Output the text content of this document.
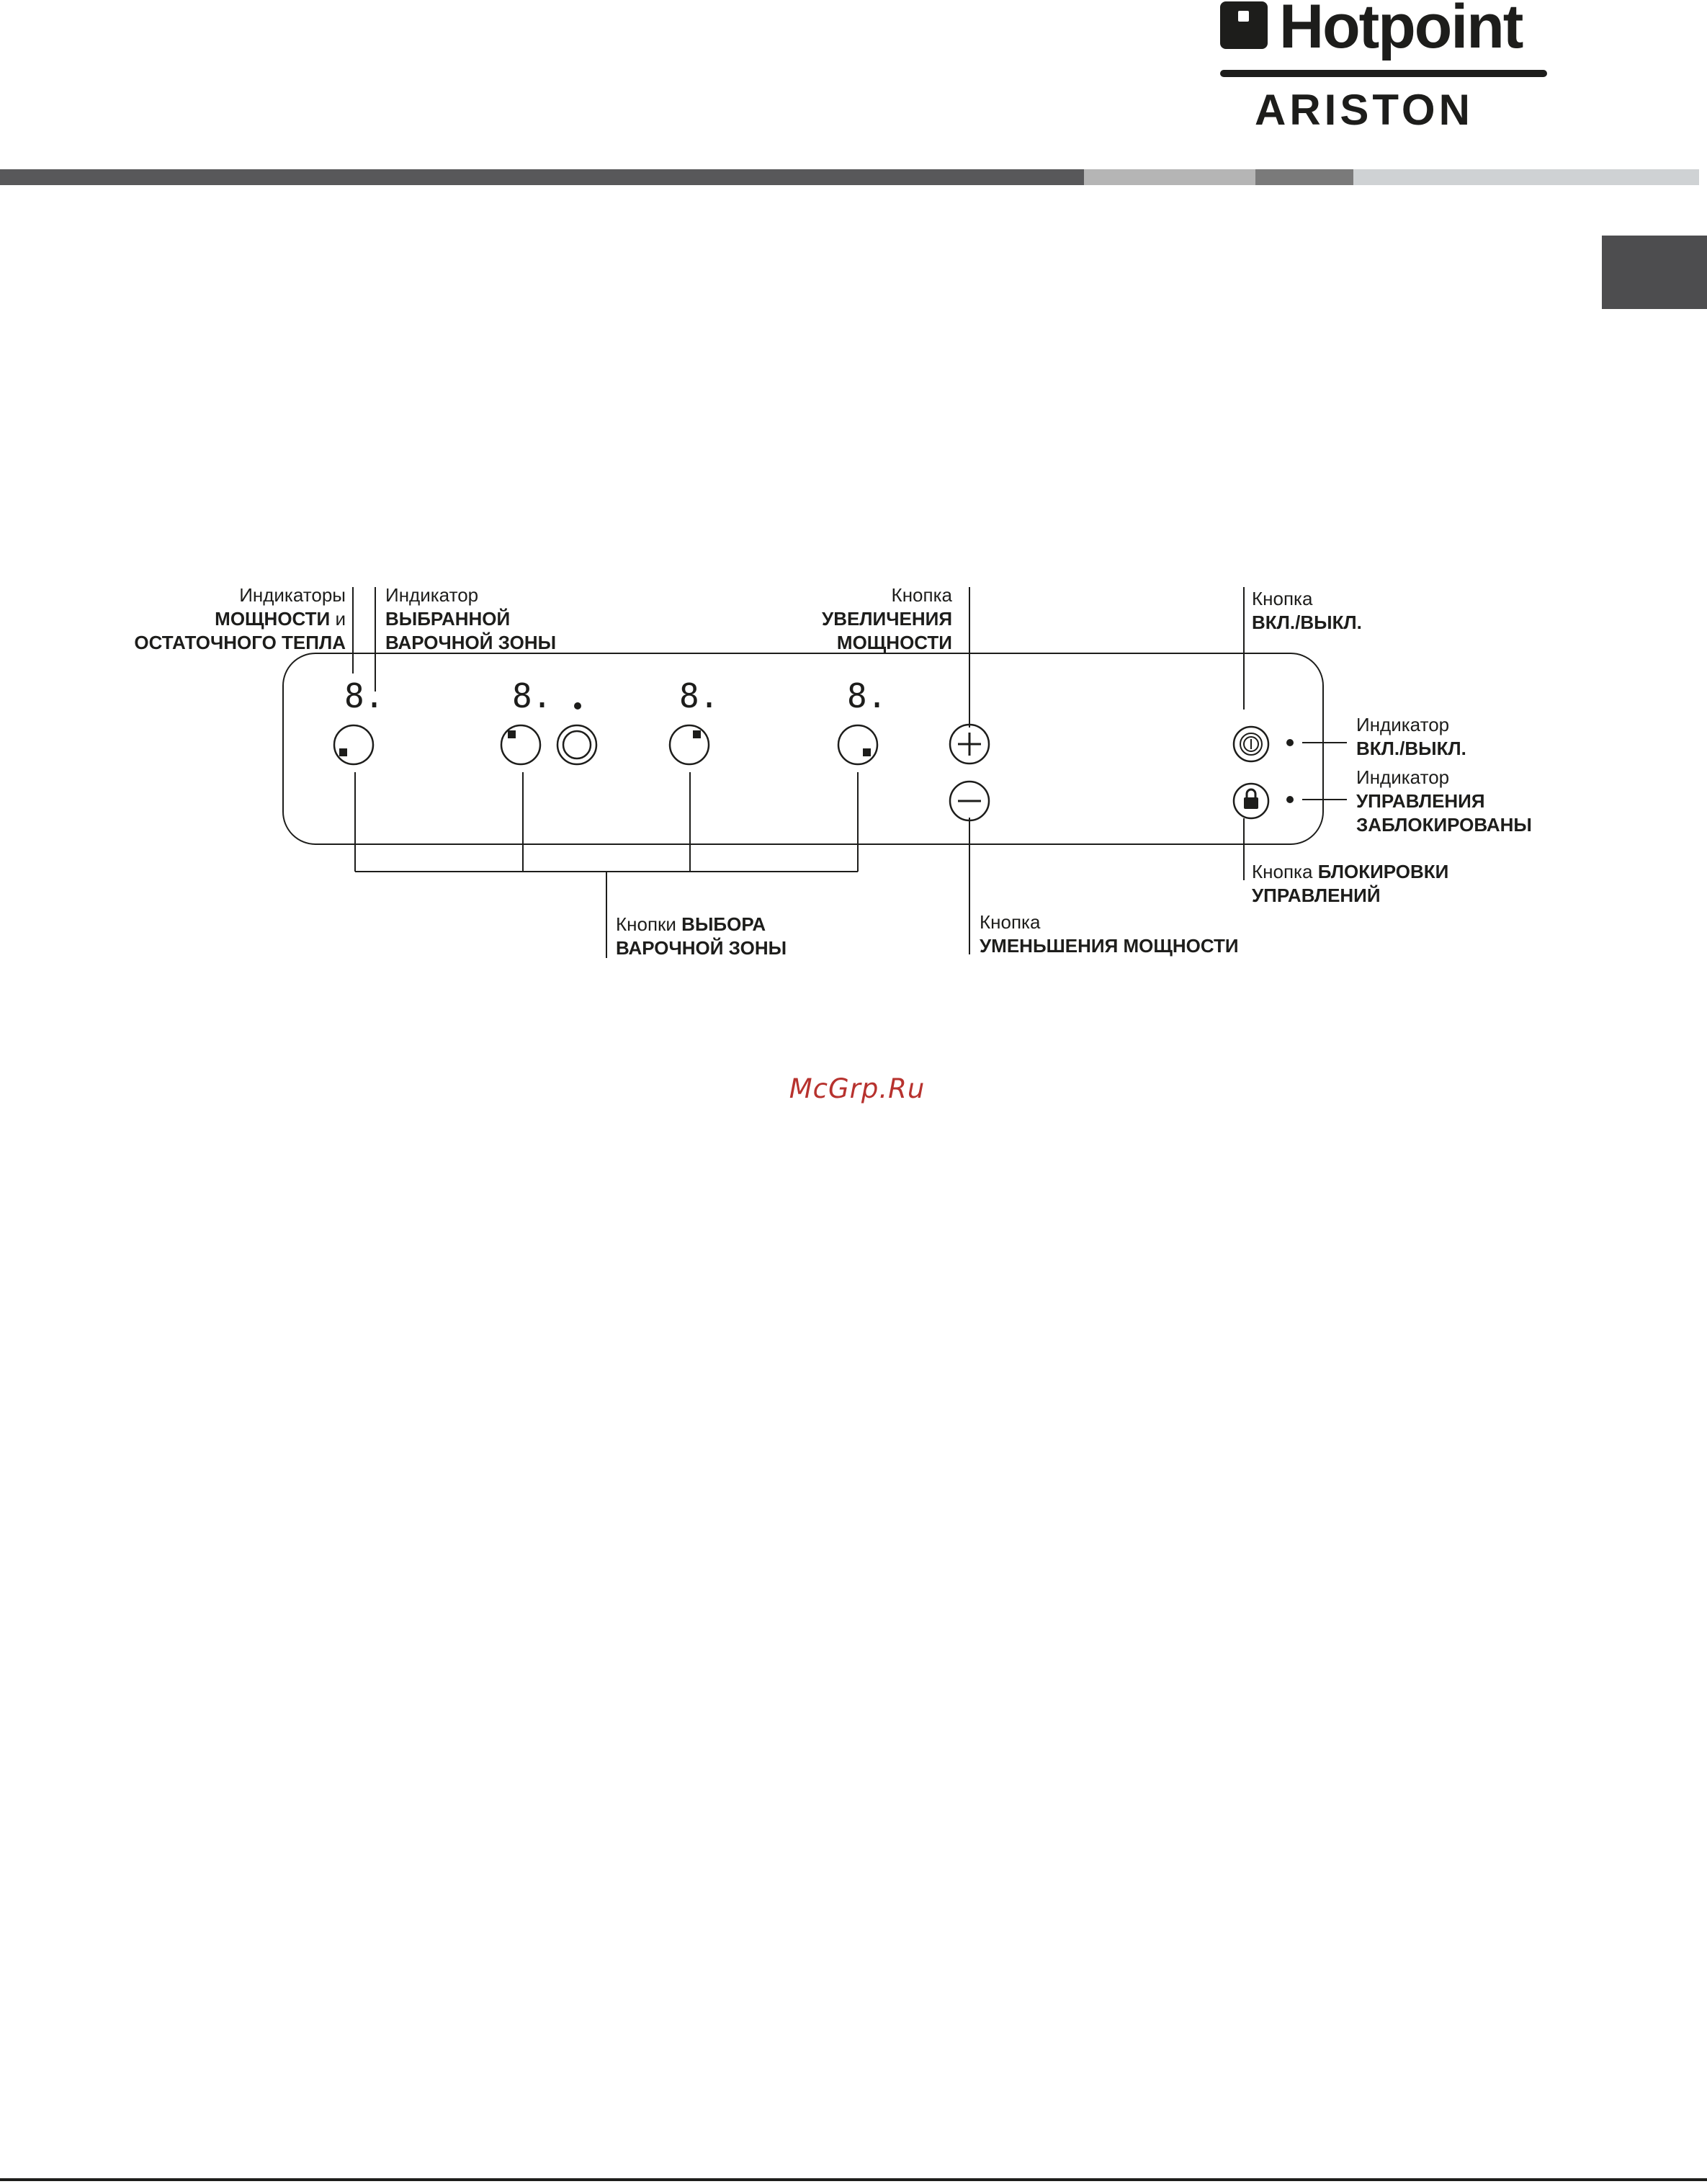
Hotpoint
ARISTON
8.	8.	8.	8.
Индикаторы
МОЩНОСТИ и
ОСТАТОЧНОГО ТЕПЛА
Индикатор
ВЫБРАННОЙ
ВАРОЧНОЙ ЗОНЫ
Кнопка
УВЕЛИЧЕНИЯ
МОЩНОСТИ
Кнопка
ВКЛ./ВЫКЛ.
Индикатор
ВКЛ./ВЫКЛ.
Индикатор
УПРАВЛЕНИЯ
ЗАБЛОКИРОВАНЫ
Кнопка БЛОКИРОВКИ
УПРАВЛЕНИЙ
Кнопки ВЫБОРА
ВАРОЧНОЙ ЗОНЫ
Кнопка
УМЕНЬШЕНИЯ МОЩНОСТИ
McGrp.Ru
